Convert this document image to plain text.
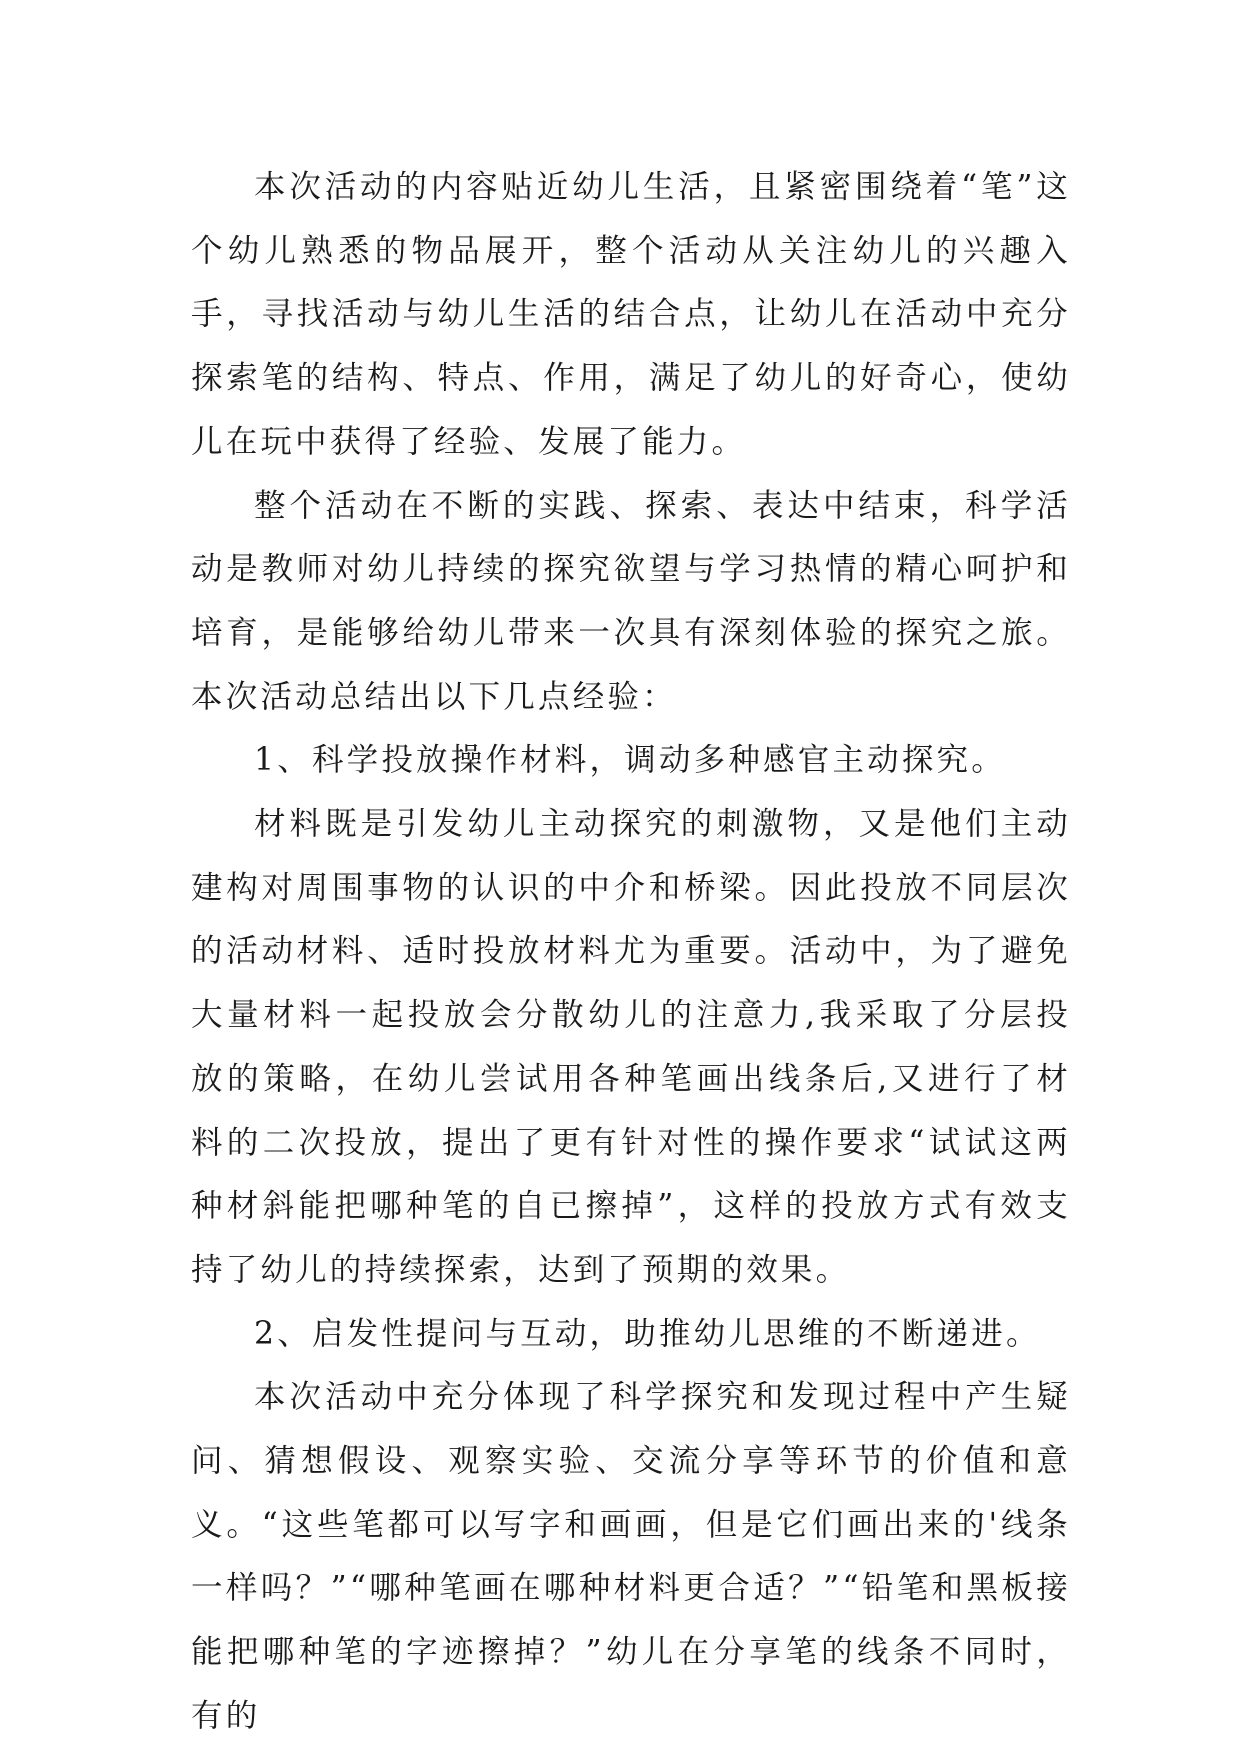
本次活动的内容贴近幼儿生活，且紧密围绕着“笔”这个幼儿熟悉的物品展开，整个活动从关注幼儿的兴趣入手，寻找活动与幼儿生活的结合点，让幼儿在活动中充分探索笔的结构、特点、作用，满足了幼儿的好奇心，使幼儿在玩中获得了经验、发展了能力。

整个活动在不断的实践、探索、表达中结束，科学活动是教师对幼儿持续的探究欲望与学习热情的精心呵护和培育，是能够给幼儿带来一次具有深刻体验的探究之旅。本次活动总结出以下几点经验：

1、科学投放操作材料，调动多种感官主动探究。

材料既是引发幼儿主动探究的刺激物，又是他们主动建构对周围事物的认识的中介和桥梁。因此投放不同层次的活动材料、适时投放材料尤为重要。活动中，为了避免大量材料一起投放会分散幼儿的注意力,我采取了分层投放的策略，在幼儿尝试用各种笔画出线条后,又进行了材料的二次投放，提出了更有针对性的操作要求“试试这两种材斜能把哪种笔的自已擦掉”，这样的投放方式有效支持了幼儿的持续探索，达到了预期的效果。

2、启发性提问与互动，助推幼儿思维的不断递进。

本次活动中充分体现了科学探究和发现过程中产生疑问、猜想假设、观察实验、交流分享等环节的价值和意义。“这些笔都可以写字和画画，但是它们画出来的'线条一样吗？”“哪种笔画在哪种材料更合适？”“铅笔和黑板接能把哪种笔的字迹擦掉？”幼儿在分享笔的线条不同时，有的
